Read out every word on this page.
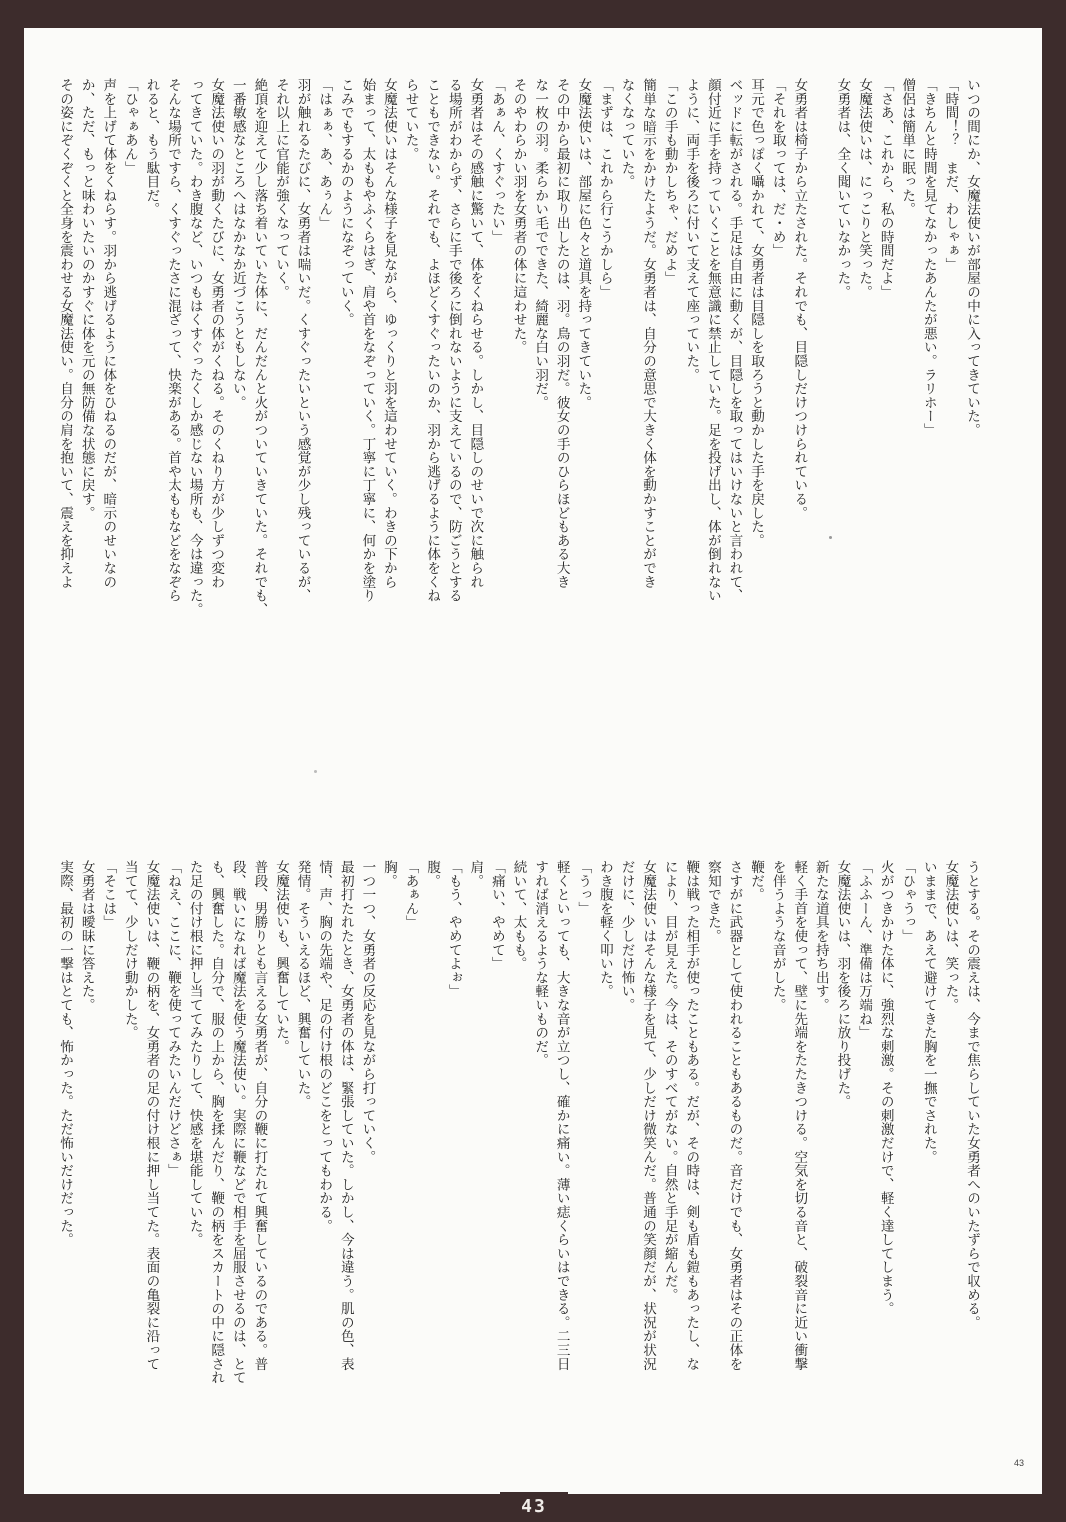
いつの間にか、女魔法使いが部屋の中に入ってきていた。

「時間！？　まだ、わしゃぁ」

「きちんと時間を見てなかったあんたが悪い。ラリホー」

僧侶は簡単に眠った。

「さあ、これから、私の時間だよ」

女魔法使いは、にっこりと笑った。

女勇者は、全く聞いていなかった。

女勇者は椅子から立たされた。それでも、目隠しだけつけられている。

「それを取っては、だ・め」

耳元で色っぽく囁かれて、女勇者は目隠しを取ろうと動かした手を戻した。

ベッドに転がされる。手足は自由に動くが、目隠しを取ってはいけないと言われて、

顔付近に手を持っていくことを無意識に禁止していた。足を投げ出し、体が倒れない

ように、両手を後ろに付いて支えて座っていた。

「この手も動かしちゃ、だめよ」

簡単な暗示をかけたようだ。女勇者は、自分の意思で大きく体を動かすことができ

なくなっていた。

「まずは、これから行こうかしら」

女魔法使いは、部屋に色々と道具を持ってきていた。

その中から最初に取り出したのは、羽。鳥の羽だ。彼女の手のひらほどもある大き

な一枚の羽。柔らかい毛でできた、綺麗な白い羽だ。

そのやわらかい羽を女勇者の体に這わせた。

「あぁん、くすぐったい」

女勇者はその感触に驚いて、体をくねらせる。しかし、目隠しのせいで次に触られ

る場所がわからず、さらに手で後ろに倒れないように支えているので、防ごうとする

こともできない。それでも、よほどくすぐったいのか、羽から逃げるように体をくね

らせていた。

女魔法使いはそんな様子を見ながら、ゆっくりと羽を這わせていく。わきの下から

始まって、太ももやふくらはぎ、肩や首をなぞっていく。丁寧に丁寧に、何かを塗り

こみでもするかのようになぞっていく。

「はぁぁ、あ、あぅん」

羽が触れるたびに、女勇者は喘いだ。くすぐったいという感覚が少し残っているが、

それ以上に官能が強くなっていく。

絶頂を迎えて少し落ち着いていた体に、だんだんと火がついていきていた。それでも、

一番敏感なところへはなかなか近づこうともしない。

女魔法使いの羽が動くたびに、女勇者の体がくねる。そのくねり方が少しずつ変わ

ってきていた。わき腹など、いつもはくすぐったくしか感じない場所も、今は違った。

そんな場所ですら、くすぐったさに混ざって、快楽がある。首や太ももなどをなぞら

れると、もう駄目だ。

「ひゃぁあん」

声を上げて体をくねらす。羽から逃げるように体をひねるのだが、暗示のせいなの

か、ただ、もっと味わいたいのかすぐに体を元の無防備な状態に戻す。

その姿にぞくぞくと全身を震わせる女魔法使い。自分の肩を抱いて、震えを抑えよ

うとする。その震えは、今まで焦らしていた女勇者へのいたずらで収める。

女魔法使いは、笑った。

いままで、あえて避けてきた胸を一撫でされた。

「ひゃうっ」

火がつきかけた体に、強烈な刺激。その刺激だけで、軽く達してしまう。

「ふふーん、準備は万端ね」

女魔法使いは、羽を後ろに放り投げた。

新たな道具を持ち出す。

軽く手首を使って、壁に先端をたたきつける。空気を切る音と、破裂音に近い衝撃

を伴うような音がした。

鞭だ。

さすがに武器として使われることもあるものだ。音だけでも、女勇者はその正体を

察知できた。

鞭は戦った相手が使ったこともある。だが、その時は、剣も盾も鎧もあったし、な

により、目が見えた。今は、そのすべてがない。自然と手足が縮んだ。

女魔法使いはそんな様子を見て、少しだけ微笑んだ。普通の笑顔だが、状況が状況

だけに、少しだけ怖い。

わき腹を軽く叩いた。

「うっ」

軽くといっても、大きな音が立つし、確かに痛い。薄い痣くらいはできる。二三日

すれば消えるような軽いものだ。

続いて、太もも。

「痛い、やめて」

肩。

「もう、やめてよぉ」

腹。

「あぁん」

胸。

一つ一つ、女勇者の反応を見ながら打っていく。

最初打たれたとき、女勇者の体は、緊張していた。しかし、今は違う。肌の色、表

情、声、胸の先端や、足の付け根のどこをとってもわかる。

発情。そういえるほど、興奮していた。

女魔法使いも、興奮していた。

普段、男勝りとも言える女勇者が、自分の鞭に打たれて興奮しているのである。普

段、戦いになれば魔法を使う魔法使い。実際に鞭などで相手を屈服させるのは、とて

も、興奮した。自分で、服の上から、胸を揉んだり、鞭の柄をスカートの中に隠され

た足の付け根に押し当ててみたりして、快感を堪能していた。

「ねえ、ここに、鞭を使ってみたいんだけどさぁ」

女魔法使いは、鞭の柄を、女勇者の足の付け根に押し当てた。表面の亀裂に沿って

当てて、少しだけ動かした。

「そこは」

女勇者は曖昧に答えた。

実際、最初の一撃はとても、怖かった。ただ怖いだけだった。

43
43
